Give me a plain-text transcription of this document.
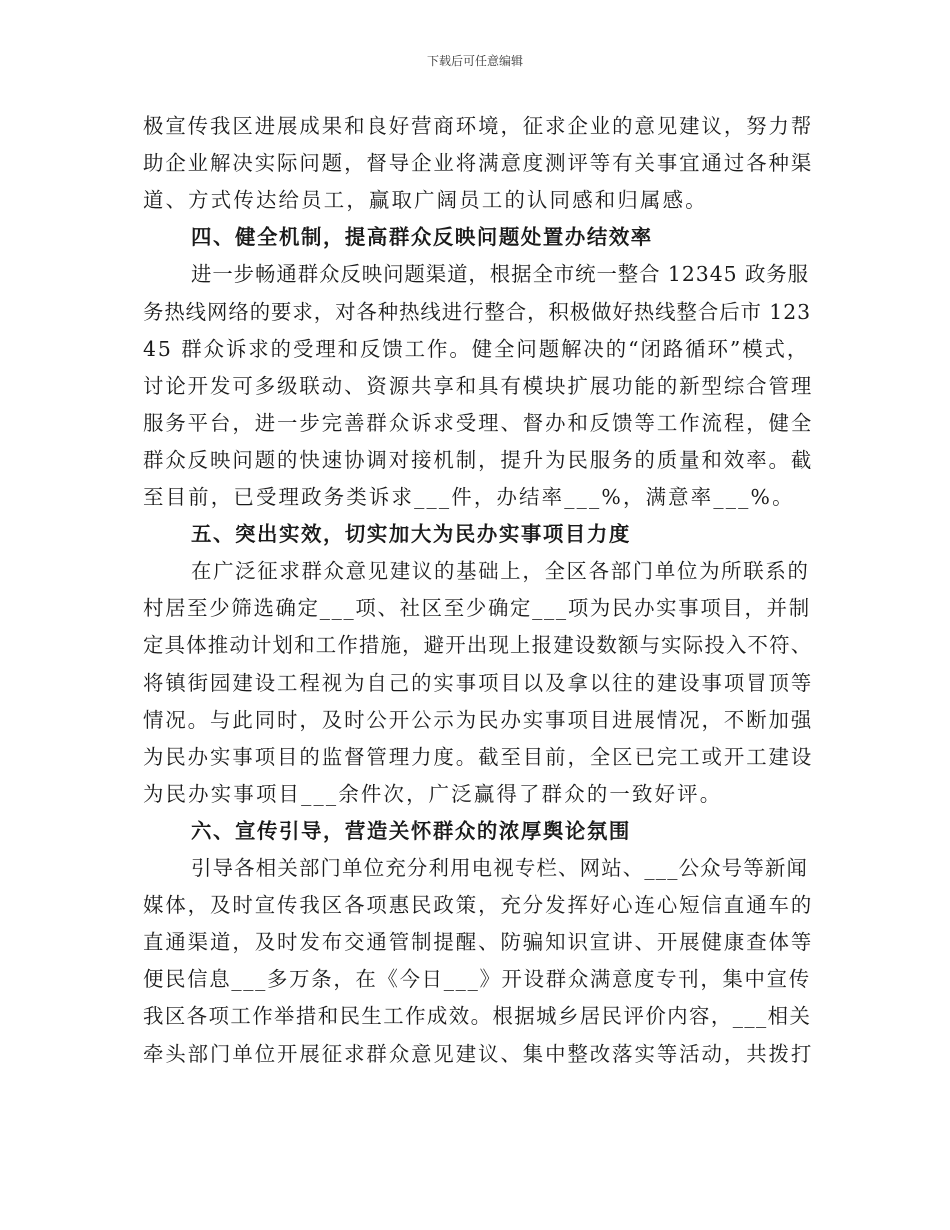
下载后可任意编辑
极宣传我区进展成果和良好营商环境，征求企业的意见建议，努力帮
助企业解决实际问题，督导企业将满意度测评等有关事宜通过各种渠
道、方式传达给员工，赢取广阔员工的认同感和归属感。
四、健全机制，提高群众反映问题处置办结效率
进一步畅通群众反映问题渠道，根据全市统一整合 12345 政务服
务热线网络的要求，对各种热线进行整合，积极做好热线整合后市 123
45 群众诉求的受理和反馈工作。健全问题解决的“闭路循环”模式，
讨论开发可多级联动、资源共享和具有模块扩展功能的新型综合管理
服务平台，进一步完善群众诉求受理、督办和反馈等工作流程，健全
群众反映问题的快速协调对接机制，提升为民服务的质量和效率。截
至目前，已受理政务类诉求___件，办结率___%，满意率___%。
五、突出实效，切实加大为民办实事项目力度
在广泛征求群众意见建议的基础上，全区各部门单位为所联系的
村居至少筛选确定___项、社区至少确定___项为民办实事项目，并制
定具体推动计划和工作措施，避开出现上报建设数额与实际投入不符、
将镇街园建设工程视为自己的实事项目以及拿以往的建设事项冒顶等
情况。与此同时，及时公开公示为民办实事项目进展情况，不断加强
为民办实事项目的监督管理力度。截至目前，全区已完工或开工建设
为民办实事项目___余件次，广泛赢得了群众的一致好评。
六、宣传引导，营造关怀群众的浓厚舆论氛围
引导各相关部门单位充分利用电视专栏、网站、___公众号等新闻
媒体，及时宣传我区各项惠民政策，充分发挥好心连心短信直通车的
直通渠道，及时发布交通管制提醒、防骗知识宣讲、开展健康查体等
便民信息___多万条，在《今日___》开设群众满意度专刊，集中宣传
我区各项工作举措和民生工作成效。根据城乡居民评价内容，___相关
牵头部门单位开展征求群众意见建议、集中整改落实等活动，共拨打
